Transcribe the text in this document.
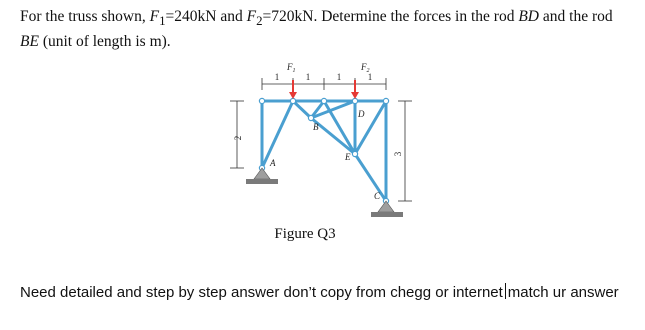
For the truss shown, $F_1=240kN$ and $F_2=720kN$. Determine the forces in the rod BD and the rod BE (unit of length is m).
1	1	1	1
2
3
$F_1$	$F_2$
A
B
D
E
C
Figure Q3
Need detailed and step by step answer don’t copy from chegg or internet match ur answer
